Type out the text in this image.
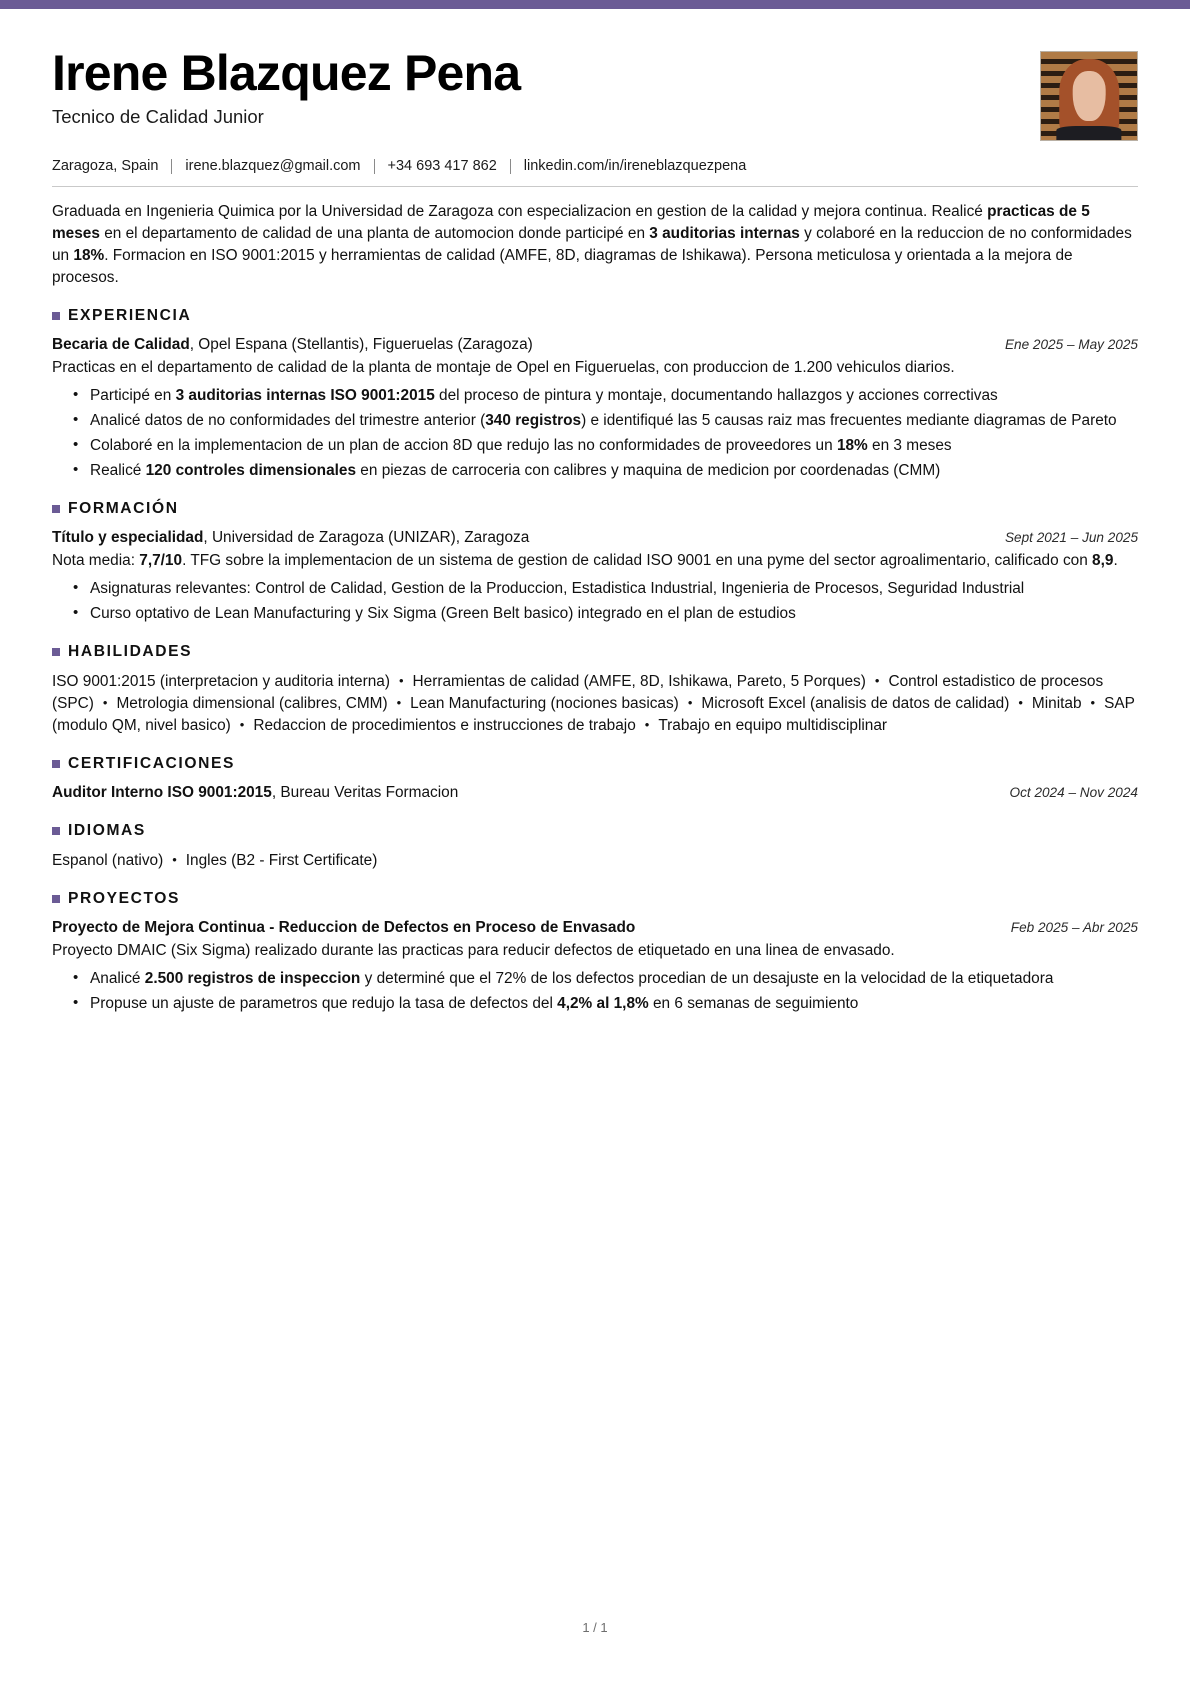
Irene Blazquez Pena
Tecnico de Calidad Junior
Zaragoza, Spain irene.blazquez@gmail.com +34 693 417 862 linkedin.com/in/ireneblazquezpena
Graduada en Ingenieria Quimica por la Universidad de Zaragoza con especializacion en gestion de la calidad y mejora continua. Realicé practicas de 5 meses en el departamento de calidad de una planta de automocion donde participé en 3 auditorias internas y colaboré en la reduccion de no conformidades un 18%. Formacion en ISO 9001:2015 y herramientas de calidad (AMFE, 8D, diagramas de Ishikawa). Persona meticulosa y orientada a la mejora de procesos.
EXPERIENCIA
Becaria de Calidad, Opel Espana (Stellantis), Figueruelas (Zaragoza)	Ene 2025 – May 2025
Practicas en el departamento de calidad de la planta de montaje de Opel en Figueruelas, con produccion de 1.200 vehiculos diarios.
• Participé en 3 auditorias internas ISO 9001:2015 del proceso de pintura y montaje, documentando hallazgos y acciones correctivas
• Analicé datos de no conformidades del trimestre anterior (340 registros) e identifiqué las 5 causas raiz mas frecuentes mediante diagramas de Pareto
• Colaboré en la implementacion de un plan de accion 8D que redujo las no conformidades de proveedores un 18% en 3 meses
• Realicé 120 controles dimensionales en piezas de carroceria con calibres y maquina de medicion por coordenadas (CMM)
FORMACIÓN
Título y especialidad, Universidad de Zaragoza (UNIZAR), Zaragoza	Sept 2021 – Jun 2025
Nota media: 7,7/10. TFG sobre la implementacion de un sistema de gestion de calidad ISO 9001 en una pyme del sector agroalimentario, calificado con 8,9.
• Asignaturas relevantes: Control de Calidad, Gestion de la Produccion, Estadistica Industrial, Ingenieria de Procesos, Seguridad Industrial
• Curso optativo de Lean Manufacturing y Six Sigma (Green Belt basico) integrado en el plan de estudios
HABILIDADES
ISO 9001:2015 (interpretacion y auditoria interna) • Herramientas de calidad (AMFE, 8D, Ishikawa, Pareto, 5 Porques) • Control estadistico de procesos (SPC) • Metrologia dimensional (calibres, CMM) • Lean Manufacturing (nociones basicas) • Microsoft Excel (analisis de datos de calidad) • Minitab • SAP (modulo QM, nivel basico) • Redaccion de procedimientos e instrucciones de trabajo • Trabajo en equipo multidisciplinar
CERTIFICACIONES
Auditor Interno ISO 9001:2015, Bureau Veritas Formacion	Oct 2024 – Nov 2024
IDIOMAS
Espanol (nativo) • Ingles (B2 - First Certificate)
PROYECTOS
Proyecto de Mejora Continua - Reduccion de Defectos en Proceso de Envasado	Feb 2025 – Abr 2025
Proyecto DMAIC (Six Sigma) realizado durante las practicas para reducir defectos de etiquetado en una linea de envasado.
• Analicé 2.500 registros de inspeccion y determiné que el 72% de los defectos procedian de un desajuste en la velocidad de la etiquetadora
• Propuse un ajuste de parametros que redujo la tasa de defectos del 4,2% al 1,8% en 6 semanas de seguimiento
1 / 1
